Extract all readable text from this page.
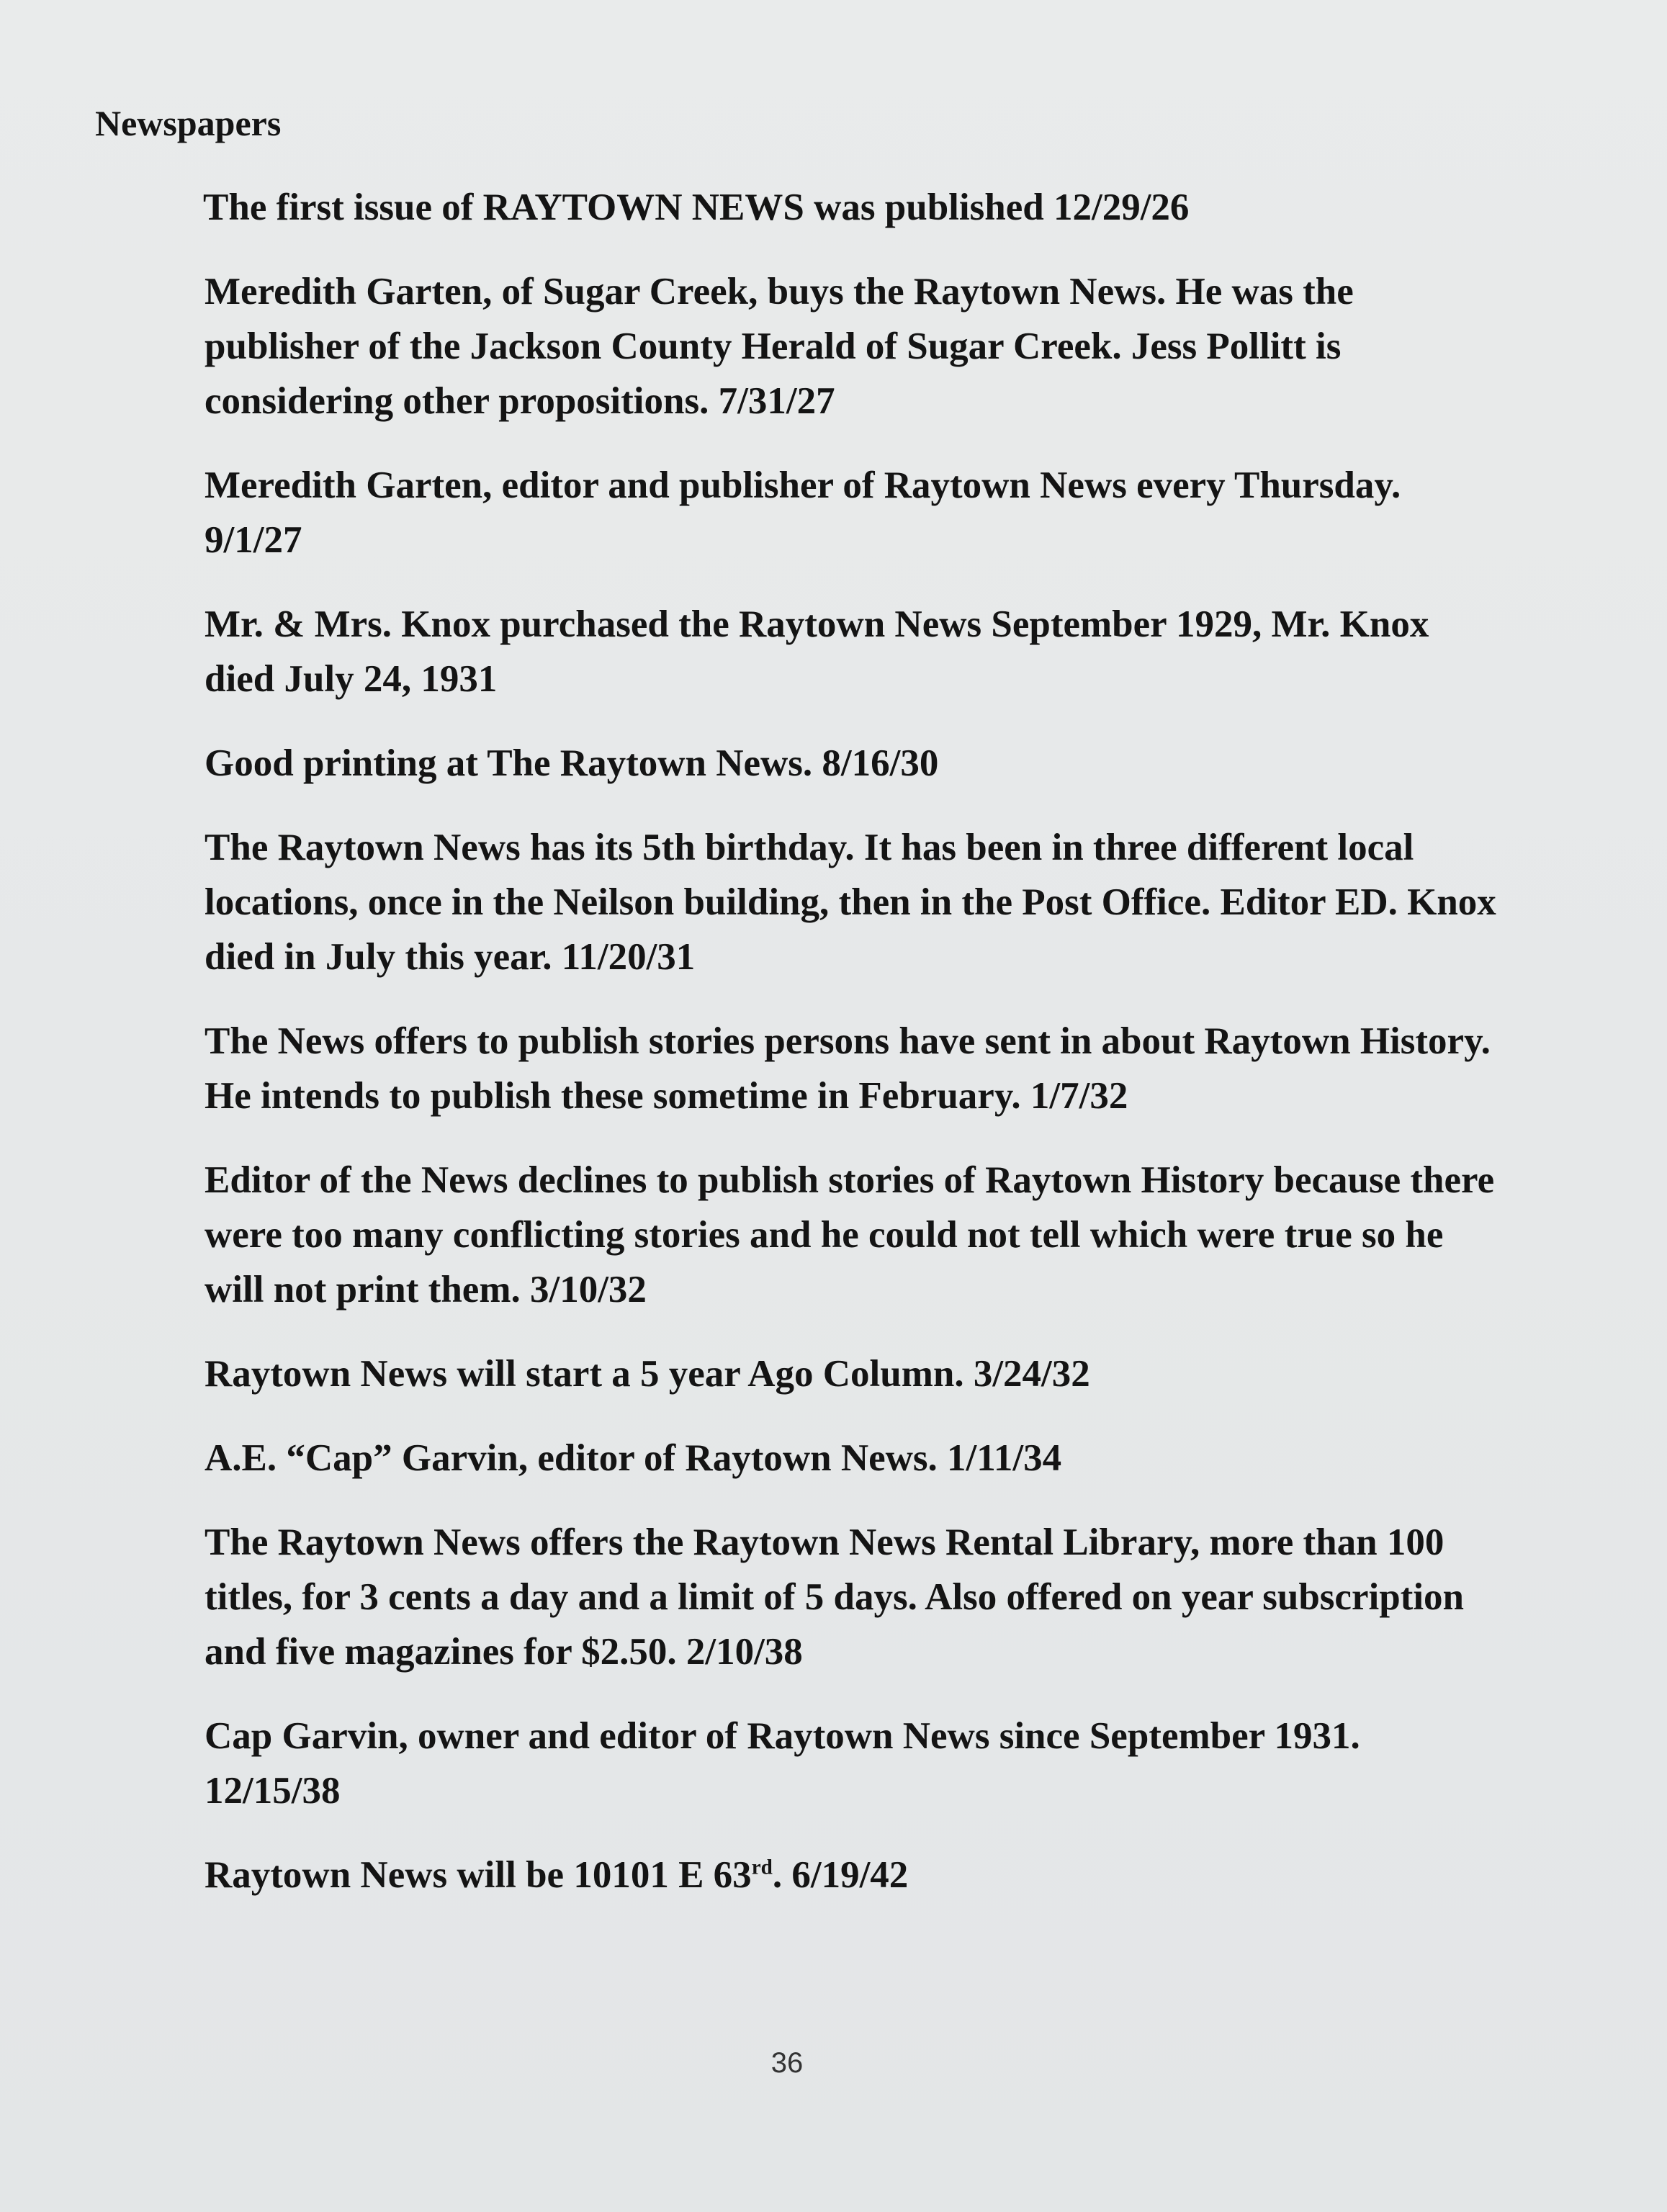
Newspapers
The first issue of RAYTOWN NEWS was published 12/29/26
Meredith Garten, of Sugar Creek, buys the Raytown News. He was the publisher of the Jackson County Herald of Sugar Creek. Jess Pollitt is considering other propositions. 7/31/27
Meredith Garten, editor and publisher of Raytown News every Thursday. 9/1/27
Mr. & Mrs. Knox purchased the Raytown News September 1929, Mr. Knox died July 24, 1931
Good printing at The Raytown News. 8/16/30
The Raytown News has its 5th birthday. It has been in three different local locations, once in the Neilson building, then in the Post Office. Editor ED. Knox died in July this year. 11/20/31
The News offers to publish stories persons have sent in about Raytown History. He intends to publish these sometime in February. 1/7/32
Editor of the News declines to publish stories of Raytown History because there were too many conflicting stories and he could not tell which were true so he will not print them. 3/10/32
Raytown News will start a 5 year Ago Column. 3/24/32
A.E. “Cap” Garvin, editor of Raytown News. 1/11/34
The Raytown News offers the Raytown News Rental Library, more than 100 titles, for 3 cents a day and a limit of 5 days. Also offered on year subscription and five magazines for $2.50. 2/10/38
Cap Garvin, owner and editor of Raytown News since September 1931. 12/15/38
Raytown News will be 10101 E 63rd. 6/19/42
36
